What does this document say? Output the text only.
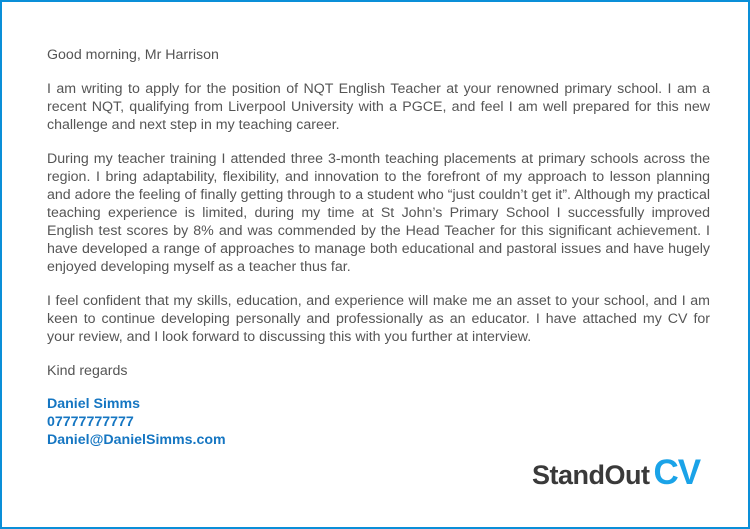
Good morning, Mr Harrison

I am writing to apply for the position of NQT English Teacher at your renowned primary school. I am a recent NQT, qualifying from Liverpool University with a PGCE, and feel I am well prepared for this new challenge and next step in my teaching career.

During my teacher training I attended three 3-month teaching placements at primary schools across the region. I bring adaptability, flexibility, and innovation to the forefront of my approach to lesson planning and adore the feeling of finally getting through to a student who “just couldn’t get it”. Although my practical teaching experience is limited, during my time at St John’s Primary School I successfully improved English test scores by 8% and was commended by the Head Teacher for this significant achievement. I have developed a range of approaches to manage both educational and pastoral issues and have hugely enjoyed developing myself as a teacher thus far.

I feel confident that my skills, education, and experience will make me an asset to your school, and I am keen to continue developing personally and professionally as an educator. I have attached my CV for your review, and I look forward to discussing this with you further at interview.

Kind regards

Daniel Simms
07777777777
Daniel@DanielSimms.com
StandOut CV
